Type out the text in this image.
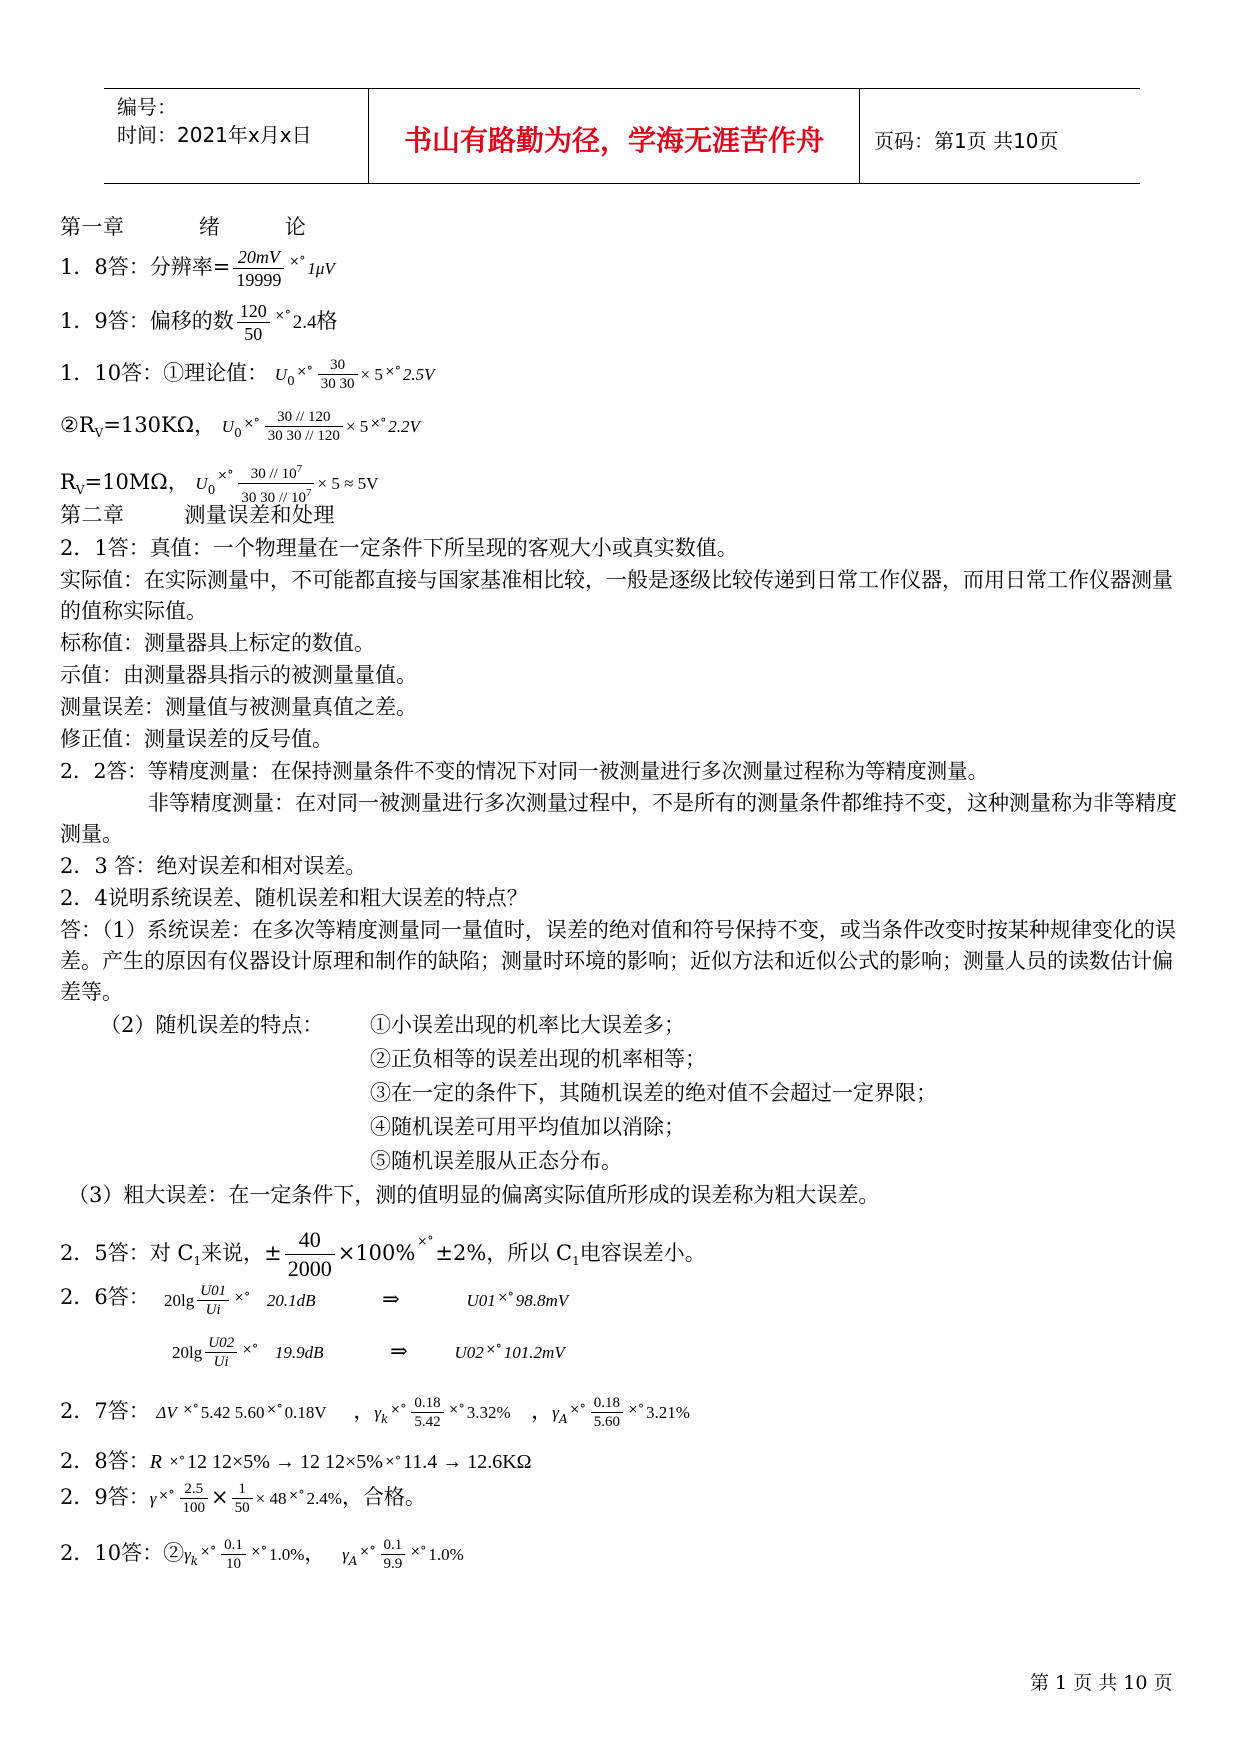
编号：
时间：2021年x月x日	书山有路勤为径，学海无涯苦作舟	页码：第1页 共10页
第一章	绪	论
1．8答：分辨率= $\frac{20mV}{19999} ^{\times^\circ}$ 1μV
1．9答：偏移的数 $\frac{120}{50} ^{\times^\circ}$ 2.4格
1．10答：①理论值： $U_0^{\times^\circ} \frac{30}{30 30} \times 5$ ×° 2.5V
$②R_V=130K\Omega$， $U_0^{\times^\circ} \frac{30 // 120}{30 30 // 120} \times 5$ ×° 2.2V
$R_V=10M\Omega$， $U_0^{\times^\circ} \frac{30 // 10^7}{30 30 // 10^7} \times 5 \approx 5V$
第二章	测量误差和处理
2．1答：真值：一个物理量在一定条件下所呈现的客观大小或真实数值。
实际值：在实际测量中，不可能都直接与国家基准相比较，一般是逐级比较传递到日常工作仪器，而用日常工作仪器测量的值称实际值。
标称值：测量器具上标定的数值。
示值：由测量器具指示的被测量量值。
测量误差：测量值与被测量真值之差。
修正值：测量误差的反号值。
2．2答：等精度测量：在保持测量条件不变的情况下对同一被测量进行多次测量过程称为等精度测量。
非等精度测量：在对同一被测量进行多次测量过程中，不是所有的测量条件都维持不变，这种测量称为非等精度测量。
2．3 答：绝对误差和相对误差。
2．4说明系统误差、随机误差和粗大误差的特点？
答：（1）系统误差：在多次等精度测量同一量值时，误差的绝对值和符号保持不变，或当条件改变时按某种规律变化的误差。产生的原因有仪器设计原理和制作的缺陷；测量时环境的影响；近似方法和近似公式的影响；测量人员的读数估计偏差等。
（2）随机误差的特点： ①小误差出现的机率比大误差多；
②正负相等的误差出现的机率相等；
③在一定的条件下，其随机误差的绝对值不会超过一定界限；
④随机误差可用平均值加以消除；
⑤随机误差服从正态分布。
（3）粗大误差：在一定条件下，测的值明显的偏离实际值所形成的误差称为粗大误差。
2．5答：对 $C_1$来说，± $\frac{40}{2000} \times 100\%$ ×°±2%，所以 $C_1$电容误差小。
2．6答： $20\lg \frac{U01}{Ui} ^{\times^\circ}$ 20.1dB	⇒	U01 ×° 98.8mV
$20\lg \frac{U02}{Ui} ^{\times^\circ}$ 19.9dB	⇒	U02 ×° 101.2mV
2．7答： ΔV ×° 5.42 5.60 ×° 0.18V ，$\gamma_k^{\times^\circ} \frac{0.18}{5.42} ^{\times^\circ}$ 3.32% ，$\gamma_A^{\times^\circ} \frac{0.18}{5.60} ^{\times^\circ}$ 3.21%
2．8答：R ×° 12 12×5% → 12 12×5% ×° 11.4 → 12.6KΩ
2．9答：γ $^{\times^\circ} \frac{2.5}{100} \times \frac{1}{50} \times 48$ ×° 2.4%，合格。
2．10答：$②\gamma_k^{\times^\circ} \frac{0.1}{10} ^{\times^\circ}$ 1.0%， $\gamma_A^{\times^\circ} \frac{0.1}{9.9} ^{\times^\circ}$ 1.0%
第 1 页 共 10 页
